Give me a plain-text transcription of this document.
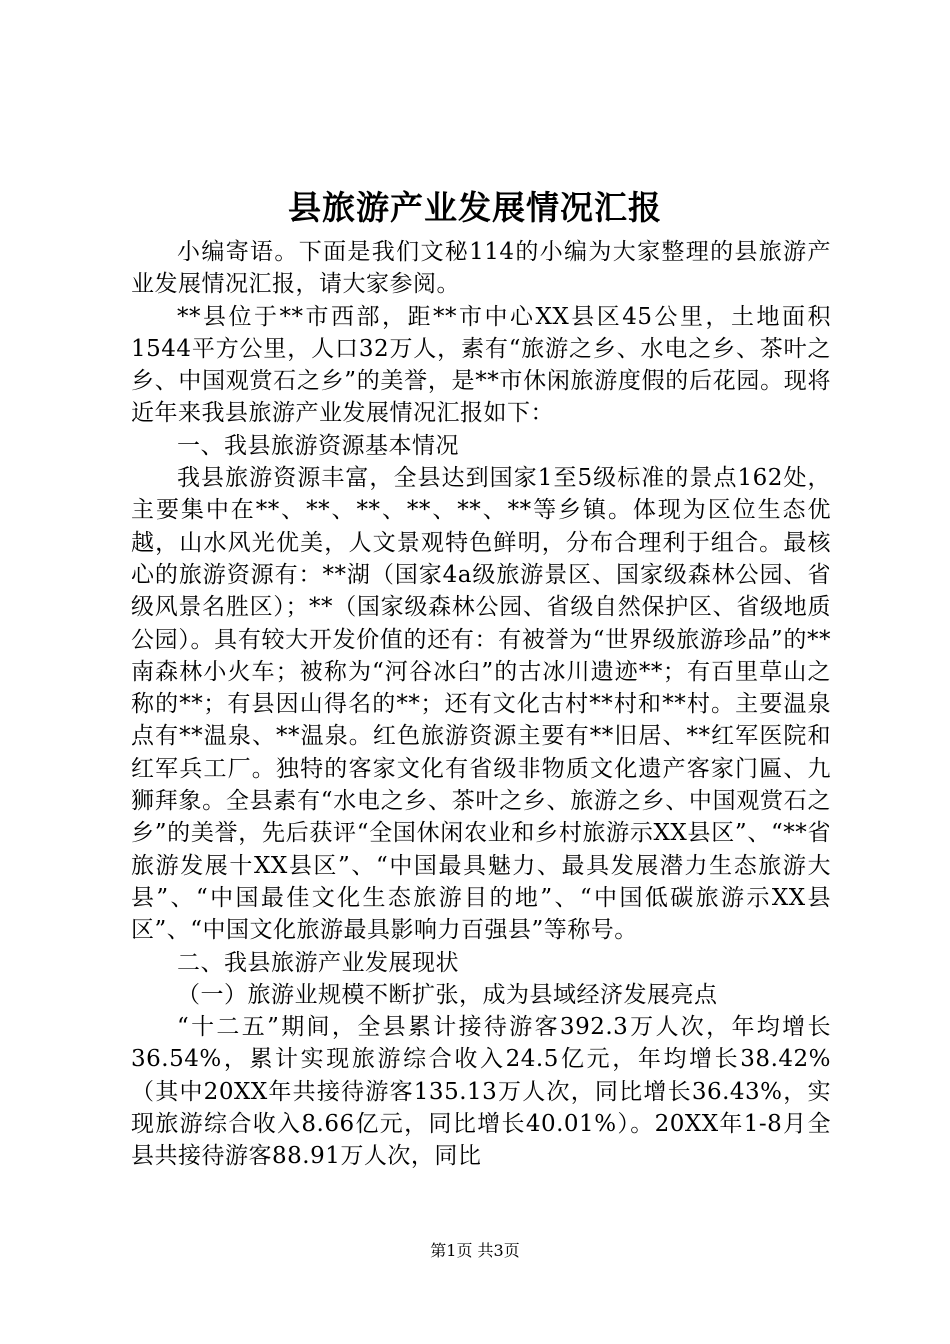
县旅游产业发展情况汇报

小编寄语。下面是我们文秘114的小编为大家整理的县旅游产业发展情况汇报，请大家参阅。

**县位于**市西部，距**市中心XX县区45公里，土地面积1544平方公里，人口32万人，素有“旅游之乡、水电之乡、茶叶之乡、中国观赏石之乡”的美誉，是**市休闲旅游度假的后花园。现将近年来我县旅游产业发展情况汇报如下：

一、我县旅游资源基本情况

我县旅游资源丰富，全县达到国家1至5级标准的景点162处，主要集中在**、**、**、**、**、**等乡镇。体现为区位生态优越，山水风光优美，人文景观特色鲜明，分布合理利于组合。最核心的旅游资源有：**湖（国家4a级旅游景区、国家级森林公园、省级风景名胜区）；**（国家级森林公园、省级自然保护区、省级地质公园）。具有较大开发价值的还有：有被誉为“世界级旅游珍品”的**南森林小火车；被称为“河谷冰臼”的古冰川遗迹**；有百里草山之称的**；有县因山得名的**；还有文化古村**村和**村。主要温泉点有**温泉、**温泉。红色旅游资源主要有**旧居、**红军医院和红军兵工厂。独特的客家文化有省级非物质文化遗产客家门匾、九狮拜象。全县素有“水电之乡、茶叶之乡、旅游之乡、中国观赏石之乡”的美誉，先后获评“全国休闲农业和乡村旅游示XX县区”、“**省旅游发展十XX县区”、“中国最具魅力、最具发展潜力生态旅游大县”、“中国最佳文化生态旅游目的地”、“中国低碳旅游示XX县区”、“中国文化旅游最具影响力百强县”等称号。

二、我县旅游产业发展现状

（一）旅游业规模不断扩张，成为县域经济发展亮点

“十二五”期间，全县累计接待游客392.3万人次，年均增长36.54%，累计实现旅游综合收入24.5亿元，年均增长38.42%（其中20XX年共接待游客135.13万人次，同比增长36.43%，实现旅游综合收入8.66亿元，同比增长40.01%）。20XX年1-8月全县共接待游客88.91万人次，同比

第1页 共3页
